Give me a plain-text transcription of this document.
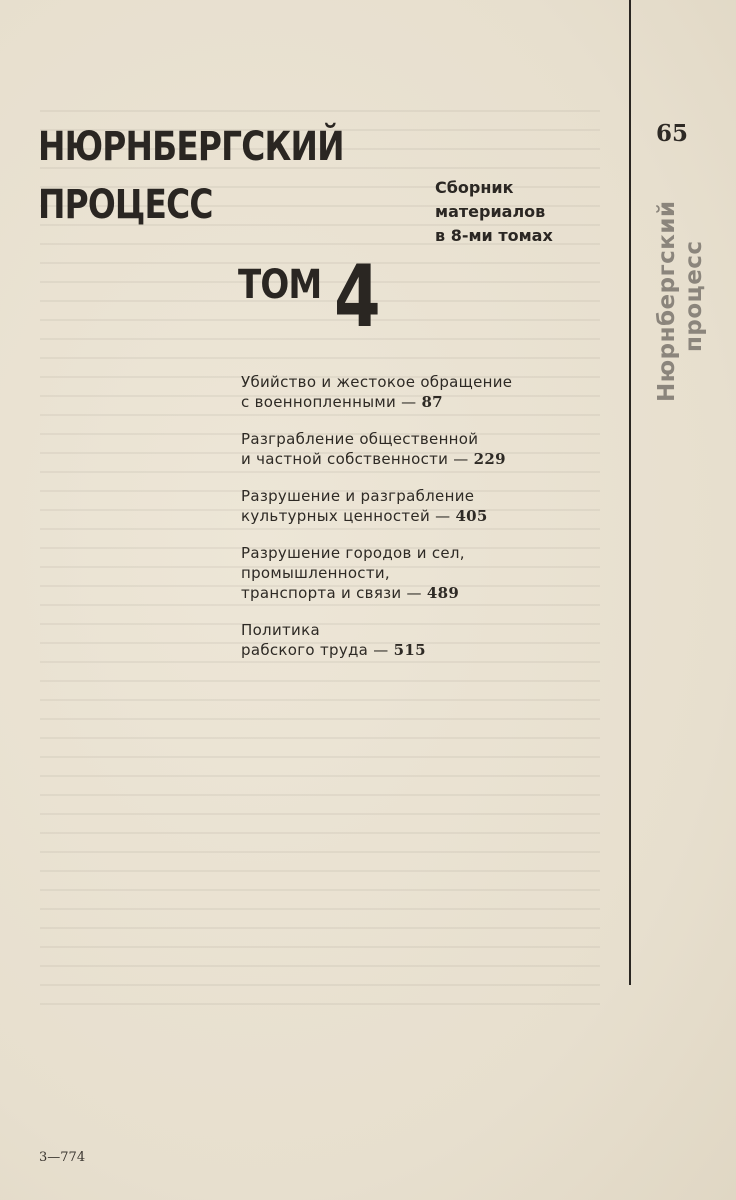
НЮРНБЕРГСКИЙ
ПРОЦЕСС	Сборник
материалов
в 8-ми томах
ТОМ 4
Убийство и жестокое обращение
с военнопленными — 87
Разграбление общественной
и частной собственности — 229
Разрушение и разграбление
культурных ценностей — 405
Разрушение городов и сел,
промышленности,
транспорта и связи — 489
Политика
рабского труда — 515
65
Нюрнбергский процесс
3—774
